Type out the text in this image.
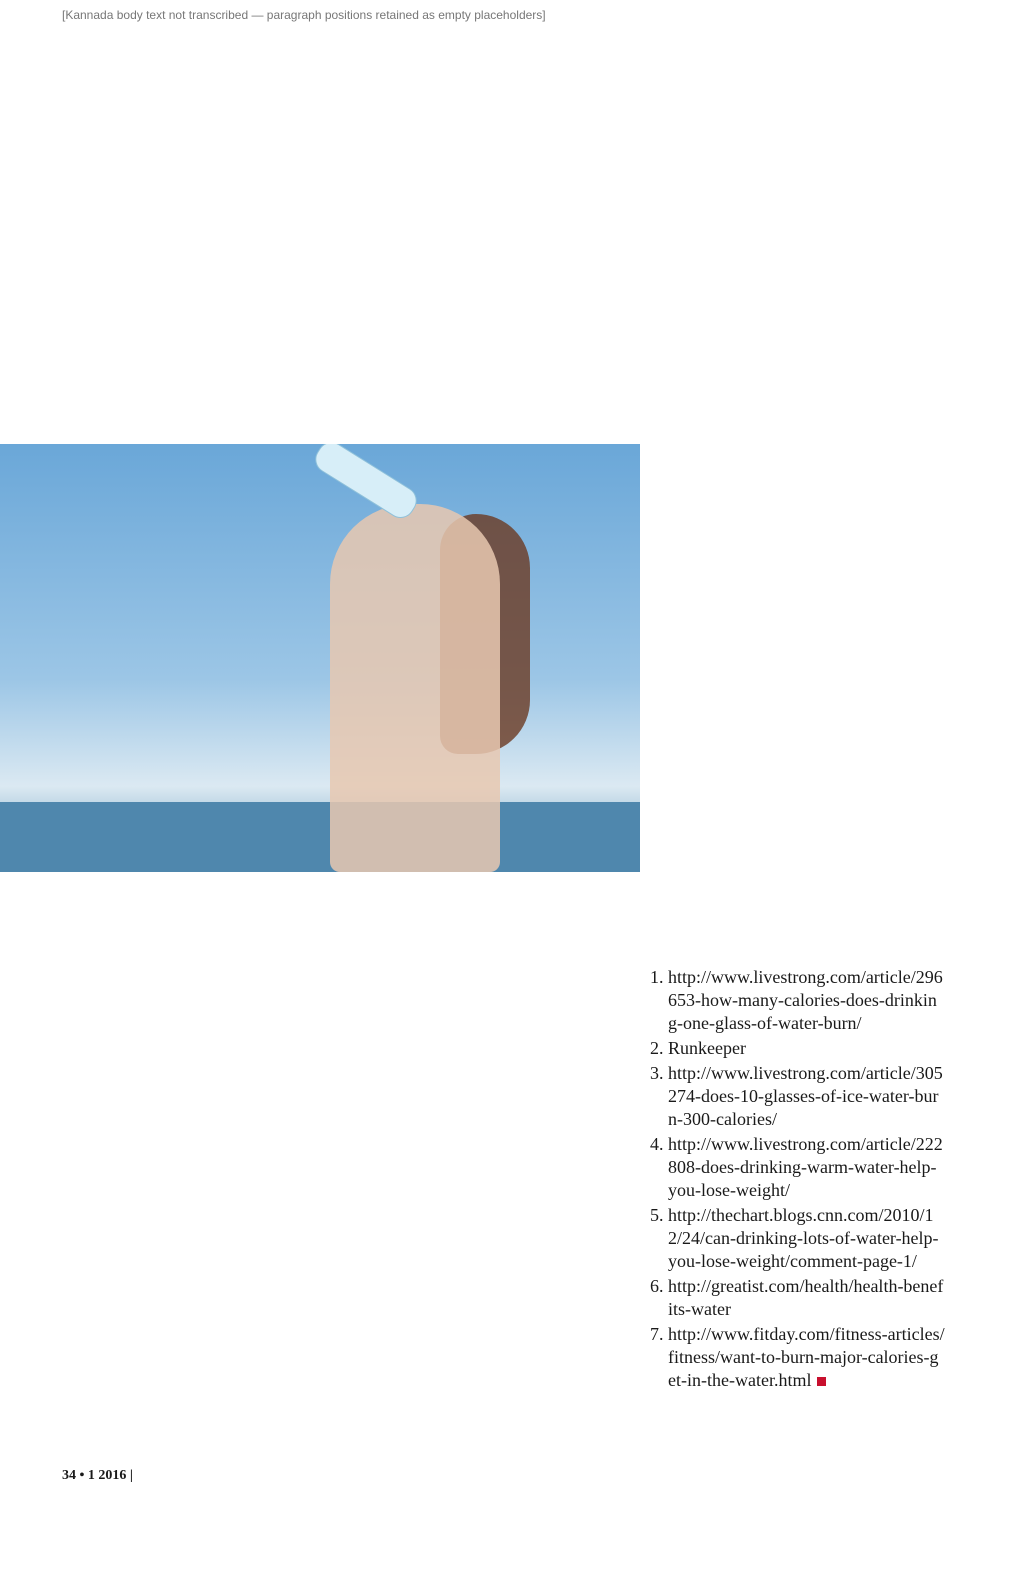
[Kannada body text not transcribed — paragraph positions retained as empty placeholders]

1. http://www.livestrong.com/article/296653-how-many-calories-does-drinking-one-glass-of-water-burn/
2. Runkeeper
3. http://www.livestrong.com/article/305274-does-10-glasses-of-ice-water-burn-300-calories/
4. http://www.livestrong.com/article/222808-does-drinking-warm-water-help-you-lose-weight/
5. http://thechart.blogs.cnn.com/2010/12/24/can-drinking-lots-of-water-help-you-lose-weight/comment-page-1/
6. http://greatist.com/health/health-benefits-water
7. http://www.fitday.com/fitness-articles/fitness/want-to-burn-major-calories-get-in-the-water.html
34 • 1 2016 |
